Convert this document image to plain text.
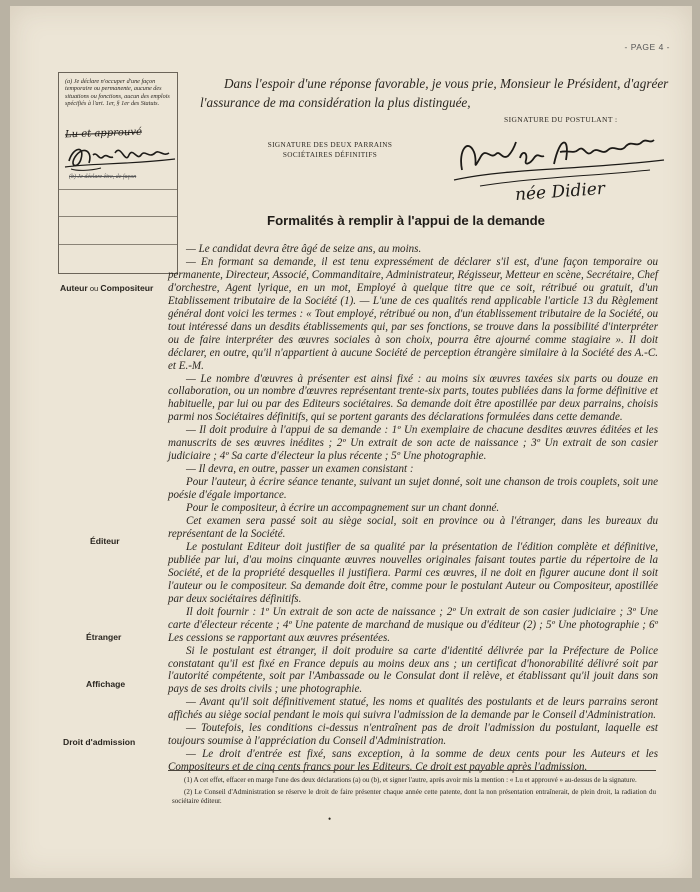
- PAGE 4 -
(a) Je déclare n'occuper d'une façon temporaire ou permanente, aucune des situations ou fonctions, aucun des emplois spécifiés à l'art. 1er, § 1er des Statuts.
Lu et approuvé
(b) Je déclare être, de façon
Dans l'espoir d'une réponse favorable, je vous prie, Monsieur le Président, d'agréer l'assurance de ma considération la plus distinguée,
SIGNATURE DU POSTULANT :
SIGNATURE DES DEUX PARRAINS
SOCIÉTAIRES DÉFINITIFS
née Didier
Formalités à remplir à l'appui de la demande
Auteur ou Compositeur
Éditeur
Étranger
Affichage
Droit d'admission

— Le candidat devra être âgé de seize ans, au moins.

— En formant sa demande, il est tenu expressément de déclarer s'il est, d'une façon temporaire ou permanente, Directeur, Associé, Commanditaire, Administrateur, Régisseur, Metteur en scène, Secrétaire, Chef d'orchestre, Agent lyrique, en un mot, Employé à quelque titre que ce soit, rétribué ou gratuit, d'un Etablissement tributaire de la Société (1). — L'une de ces qualités rend applicable l'article 13 du Règlement général dont voici les termes : « Tout employé, rétribué ou non, d'un établissement tributaire de la Société, ou tout intéressé dans un desdits établissements qui, par ses fonctions, se trouve dans la possibilité d'interpréter ou de faire interpréter des œuvres sociales à son choix, pourra être ajourné comme stagiaire ». Il doit déclarer, en outre, qu'il n'appartient à aucune Société de perception étrangère similaire à la Société des A.-C. et E.-M.

— Le nombre d'œuvres à présenter est ainsi fixé : au moins six œuvres taxées six parts ou douze en collaboration, ou un nombre d'œuvres représentant trente-six parts, toutes publiées dans la forme définitive et habituelle, par lui ou par des Editeurs sociétaires. Sa demande doit être apostillée par deux parrains, choisis parmi nos Sociétaires définitifs, qui se portent garants des déclarations formulées dans cette demande.

— Il doit produire à l'appui de sa demande : 1º Un exemplaire de chacune desdites œuvres éditées et les manuscrits de ses œuvres inédites ; 2º Un extrait de son acte de naissance ; 3º Un extrait de son casier judiciaire ; 4º Sa carte d'électeur la plus récente ; 5º Une photographie.

— Il devra, en outre, passer un examen consistant :

Pour l'auteur, à écrire séance tenante, suivant un sujet donné, soit une chanson de trois couplets, soit une poésie d'égale importance.

Pour le compositeur, à écrire un accompagnement sur un chant donné.

Cet examen sera passé soit au siège social, soit en province ou à l'étranger, dans les bureaux du représentant de la Société.

Le postulant Editeur doit justifier de sa qualité par la présentation de l'édition complète et définitive, publiée par lui, d'au moins cinquante œuvres nouvelles originales faisant toutes partie du répertoire de la Société, et de la propriété desquelles il justifiera. Parmi ces œuvres, il ne doit en figurer aucune dont il soit l'auteur ou le compositeur. Sa demande doit être, comme pour le postulant Auteur ou Compositeur, apostillée par deux sociétaires définitifs.

Il doit fournir : 1º Un extrait de son acte de naissance ; 2º Un extrait de son casier judiciaire ; 3º Une carte d'électeur récente ; 4º Une patente de marchand de musique ou d'éditeur (2) ; 5º Une photographie ; 6º Les cessions se rapportant aux œuvres présentées.

Si le postulant est étranger, il doit produire sa carte d'identité délivrée par la Préfecture de Police constatant qu'il est fixé en France depuis au moins deux ans ; un certificat d'honorabilité délivré soit par l'autorité compétente, soit par l'Ambassade ou le Consulat dont il relève, et établissant qu'il jouit dans son pays de ses droits civils ; une photographie.

— Avant qu'il soit définitivement statué, les noms et qualités des postulants et de leurs parrains seront affichés au siège social pendant le mois qui suivra l'admission de la demande par le Conseil d'Administration.

— Toutefois, les conditions ci-dessus n'entraînent pas de droit l'admission du postulant, laquelle est toujours soumise à l'appréciation du Conseil d'Administration.

— Le droit d'entrée est fixé, sans exception, à la somme de deux cents pour les Auteurs et les Compositeurs et de cinq cents francs pour les Editeurs. Ce droit est payable après l'admission.

(1) A cet effet, effacer en marge l'une des deux déclarations (a) ou (b), et signer l'autre, après avoir mis la mention : « Lu et approuvé » au-dessus de la signature.

(2) Le Conseil d'Administration se réserve le droit de faire présenter chaque année cette patente, dont la non présentation entraînerait, de plein droit, la radiation du sociétaire éditeur.

•
